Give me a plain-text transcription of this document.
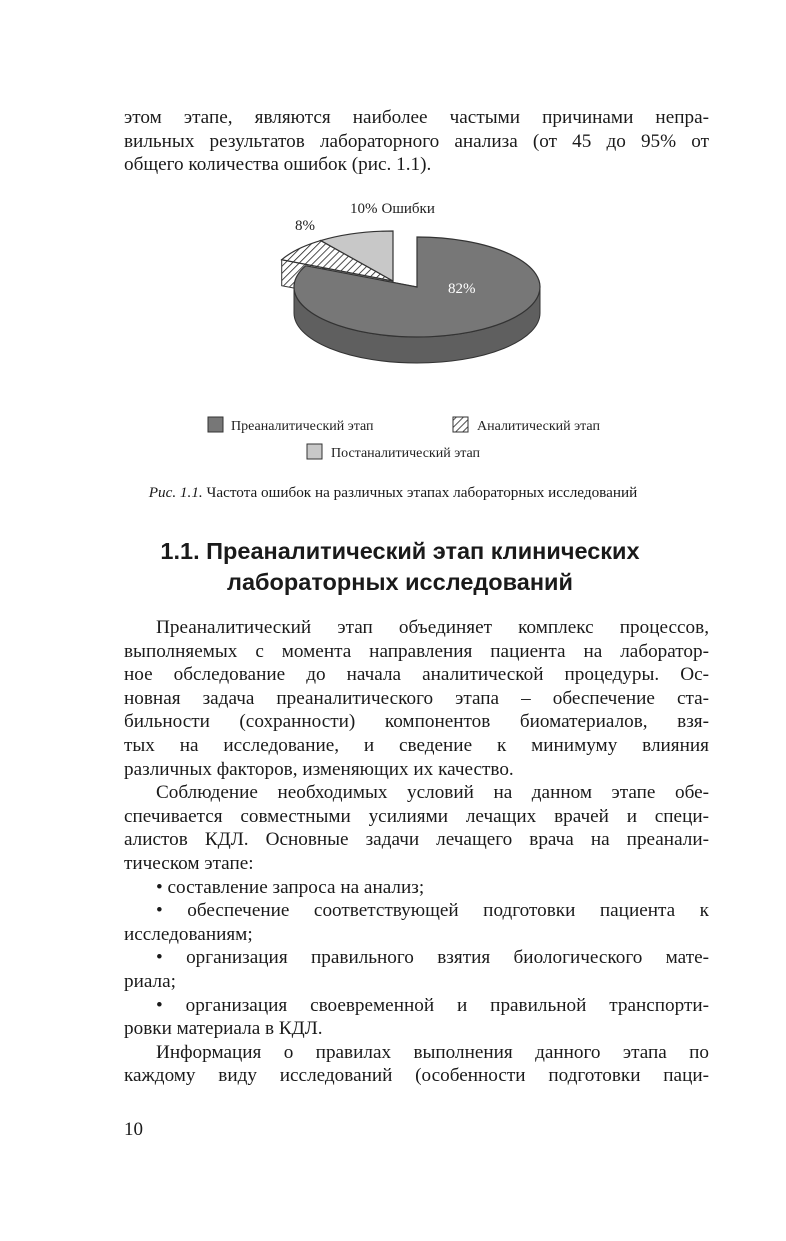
этом этапе, являются наиболее частыми причинами непра-
вильных результатов лабораторного анализа (от 45 до 95% от
общего количества ошибок (рис. 1.1).
8%
10% Ошибки
82%
Преаналитический этап	Аналитический этап
Постаналитический этап
Рис. 1.1. Частота ошибок на различных этапах лабораторных исследований
1.1. Преаналитический этап клинических
лабораторных исследований
Преаналитический этап объединяет комплекс процессов,
выполняемых с момента направления пациента на лаборатор-
ное обследование до начала аналитической процедуры. Ос-
новная задача преаналитического этапа – обеспечение ста-
бильности (сохранности) компонентов биоматериалов, взя-
тых на исследование, и сведение к минимуму влияния
различных факторов, изменяющих их качество.
Соблюдение необходимых условий на данном этапе обе-
спечивается совместными усилиями лечащих врачей и специ-
алистов КДЛ. Основные задачи лечащего врача на преанали-
тическом этапе:
• составление запроса на анализ;
• обеспечение соответствующей подготовки пациента к
исследованиям;
• организация правильного взятия биологического мате-
риала;
• организация своевременной и правильной транспорти-
ровки материала в КДЛ.
Информация о правилах выполнения данного этапа по
каждому виду исследований (особенности подготовки паци-
10
